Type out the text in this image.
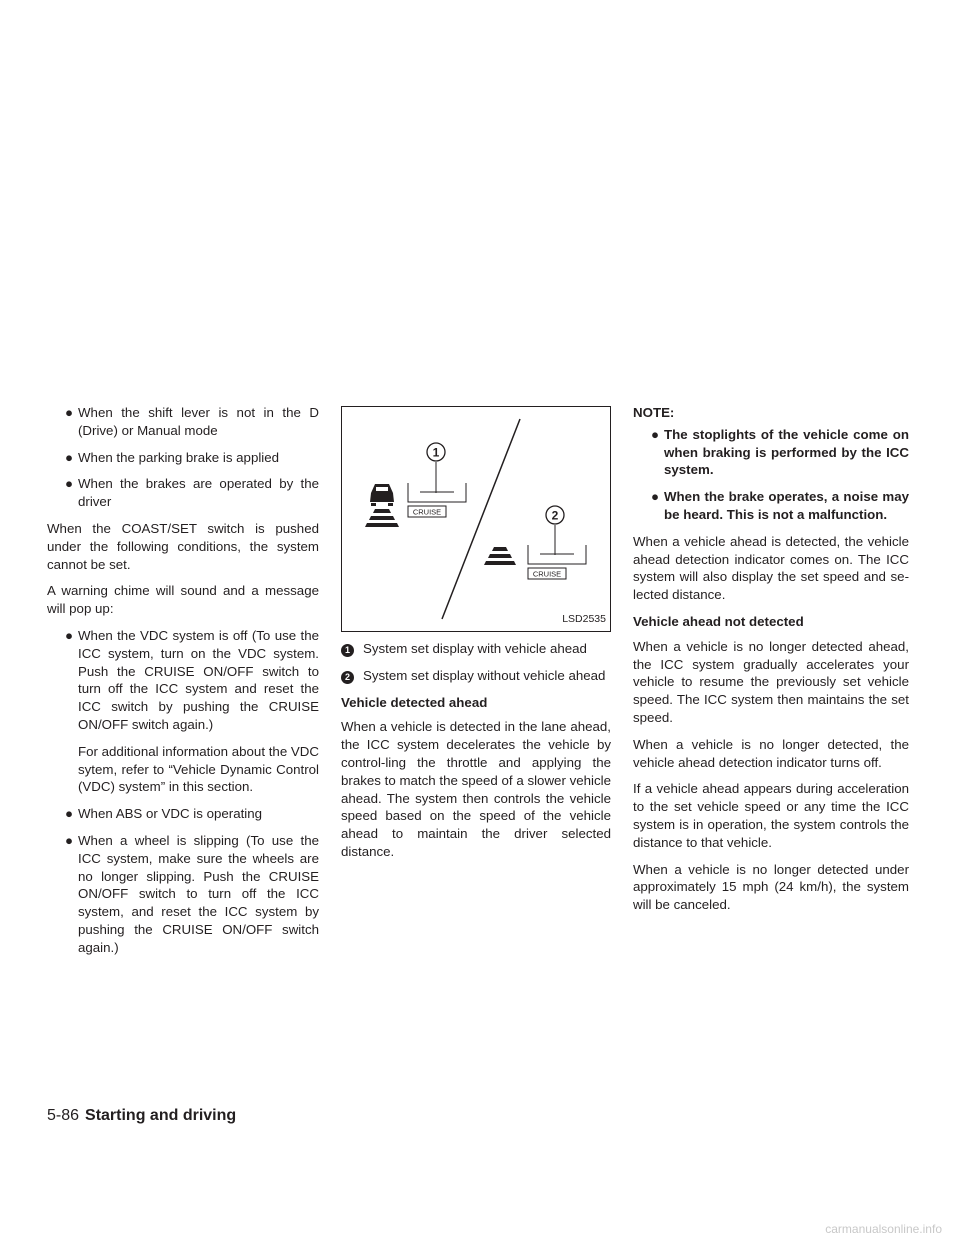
● When the shift lever is not in the D (Drive) or Manual mode
● When the parking brake is applied
● When the brakes are operated by the driver

When the COAST/SET switch is pushed under the following conditions, the system cannot be set.

A warning chime will sound and a message will pop up:

● When the VDC system is off (To use the ICC system, turn on the VDC system. Push the CRUISE ON/OFF switch to turn off the ICC system and reset the ICC switch by pushing the CRUISE ON/OFF switch again.)
For additional information about the VDC sytem, refer to “Vehicle Dynamic Control (VDC) system” in this section.
● When ABS or VDC is operating
● When a wheel is slipping (To use the ICC system, make sure the wheels are no longer slipping. Push the CRUISE ON/OFF switch to turn off the ICC system, and reset the ICC system by pushing the CRUISE ON/OFF switch again.)
1
CRUISE	2
CRUISE
LSD2535
1 System set display with vehicle ahead
2 System set display without vehicle ahead
Vehicle detected ahead

When a vehicle is detected in the lane ahead, the ICC system decelerates the vehicle by control-ling the throttle and applying the brakes to match the speed of a slower vehicle ahead. The system then controls the vehicle speed based on the speed of the vehicle ahead to maintain the driver selected distance.

NOTE:
● The stoplights of the vehicle come on when braking is performed by the ICC system.
● When the brake operates, a noise may be heard. This is not a malfunction.

When a vehicle ahead is detected, the vehicle ahead detection indicator comes on. The ICC system will also display the set speed and se-lected distance.

Vehicle ahead not detected

When a vehicle is no longer detected ahead, the ICC system gradually accelerates your vehicle to resume the previously set vehicle speed. The ICC system then maintains the set speed.

When a vehicle is no longer detected, the vehicle ahead detection indicator turns off.

If a vehicle ahead appears during acceleration to the set vehicle speed or any time the ICC system is in operation, the system controls the distance to that vehicle.

When a vehicle is no longer detected under approximately 15 mph (24 km/h), the system will be canceled.

5-86 Starting and driving
carmanualsonline.info
